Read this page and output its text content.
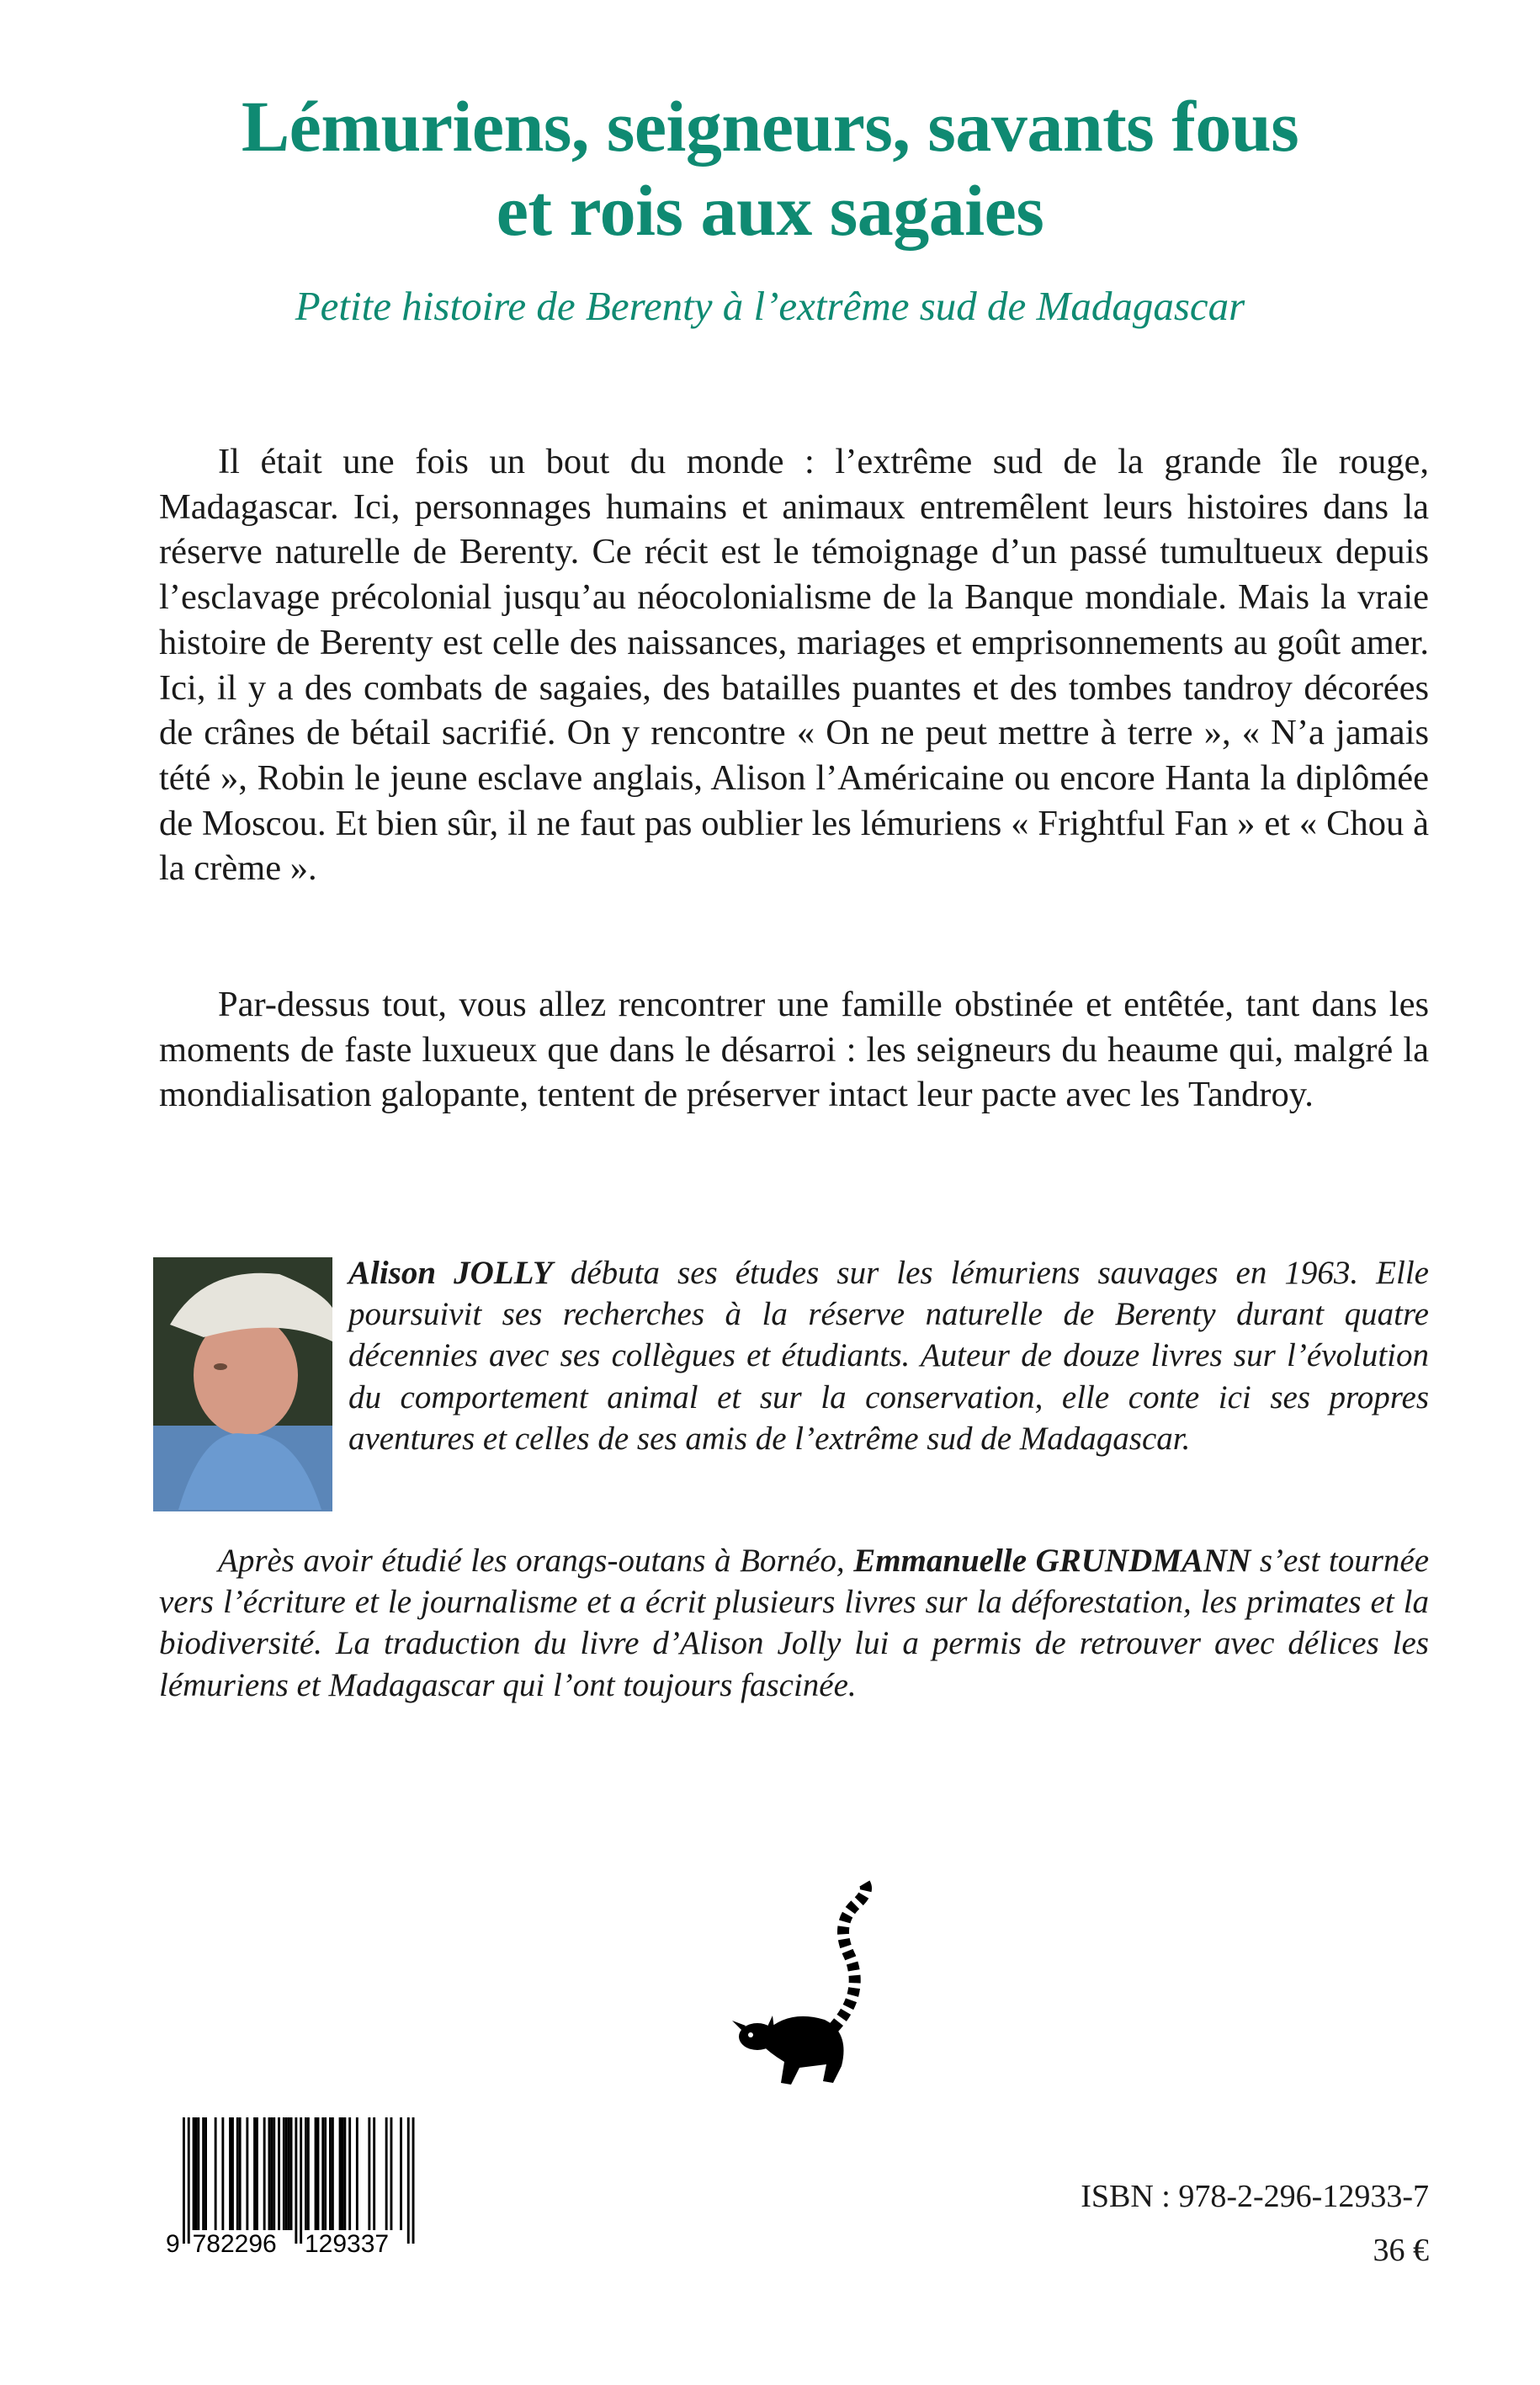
Lémuriens, seigneurs, savants fous
et rois aux sagaies
Petite histoire de Berenty à l’extrême sud de Madagascar

Il était une fois un bout du monde : l’extrême sud de la grande île rouge, Madagascar. Ici, personnages humains et animaux entremêlent leurs histoires dans la réserve naturelle de Berenty. Ce récit est le témoignage d’un passé tumultueux depuis l’esclavage précolonial jusqu’au néocolonialisme de la Banque mondiale. Mais la vraie histoire de Berenty est celle des naissances, mariages et emprisonnements au goût amer. Ici, il y a des combats de sagaies, des batailles puantes et des tombes tandroy décorées de crânes de bétail sacrifié. On y rencontre « On ne peut mettre à terre », « N’a jamais tété », Robin le jeune esclave anglais, Alison l’Américaine ou encore Hanta la diplômée de Moscou. Et bien sûr, il ne faut pas oublier les lémuriens « Frightful Fan » et « Chou à la crème ».

Par-dessus tout, vous allez rencontrer une famille obstinée et entêtée, tant dans les moments de faste luxueux que dans le désarroi : les seigneurs du heaume qui, malgré la mondialisation galopante, tentent de préserver intact leur pacte avec les Tandroy.

Alison JOLLY débuta ses études sur les lémuriens sauvages en 1963. Elle poursuivit ses recherches à la réserve naturelle de Berenty durant quatre décennies avec ses collègues et étudiants. Auteur de douze livres sur l’évolution du comportement animal et sur la conservation, elle conte ici ses propres aventures et celles de ses amis de l’extrême sud de Madagascar.

Après avoir étudié les orangs-outans à Bornéo, Emmanuelle GRUNDMANN s’est tournée vers l’écriture et le journalisme et a écrit plusieurs livres sur la déforestation, les primates et la biodiversité. La traduction du livre d’Alison Jolly lui a permis de retrouver avec délices les lémuriens et Madagascar qui l’ont toujours fascinée.

9 782296 129337
ISBN : 978-2-296-12933-7
36 €
